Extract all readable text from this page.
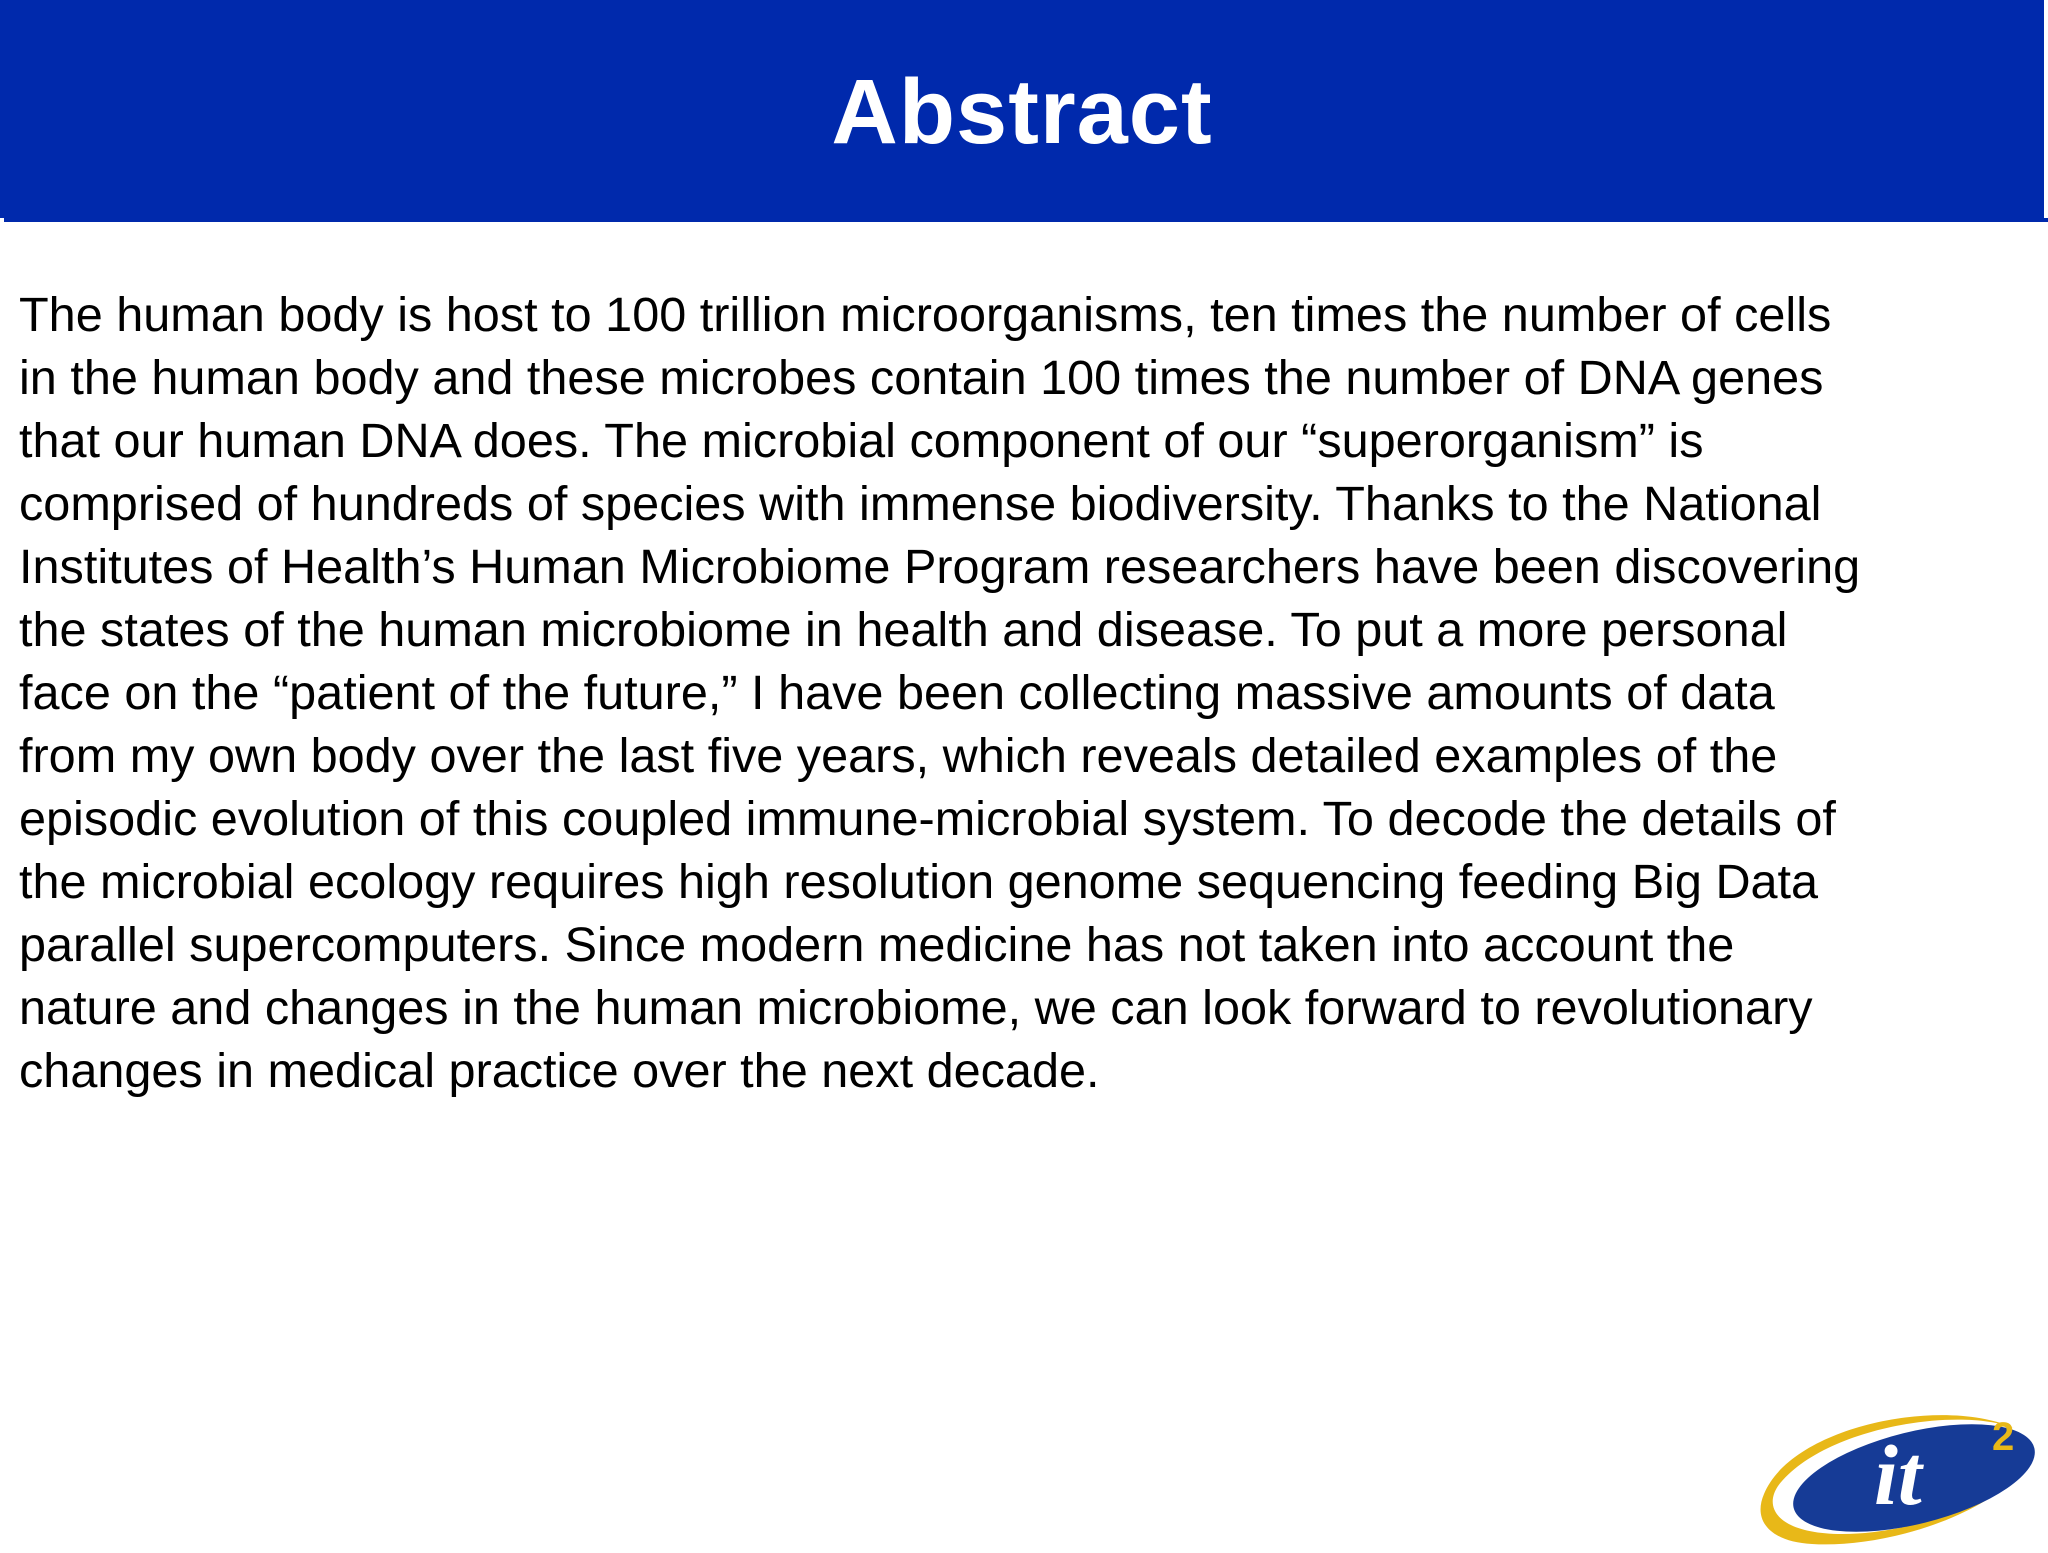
Abstract
The human body is host to 100 trillion microorganisms, ten times the number of cells
in the human body and these microbes contain 100 times the number of DNA genes
that our human DNA does. The microbial component of our “superorganism” is
comprised of hundreds of species with immense biodiversity. Thanks to the National
Institutes of Health’s Human Microbiome Program researchers have been discovering
the states of the human microbiome in health and disease. To put a more personal
face on the “patient of the future,” I have been collecting massive amounts of data
from my own body over the last five years, which reveals detailed examples of the
episodic evolution of this coupled immune-microbial system. To decode the details of
the microbial ecology requires high resolution genome sequencing feeding Big Data
parallel supercomputers. Since modern medicine has not taken into account the
nature and changes in the human microbiome, we can look forward to revolutionary
changes in medical practice over the next decade.
it 2
